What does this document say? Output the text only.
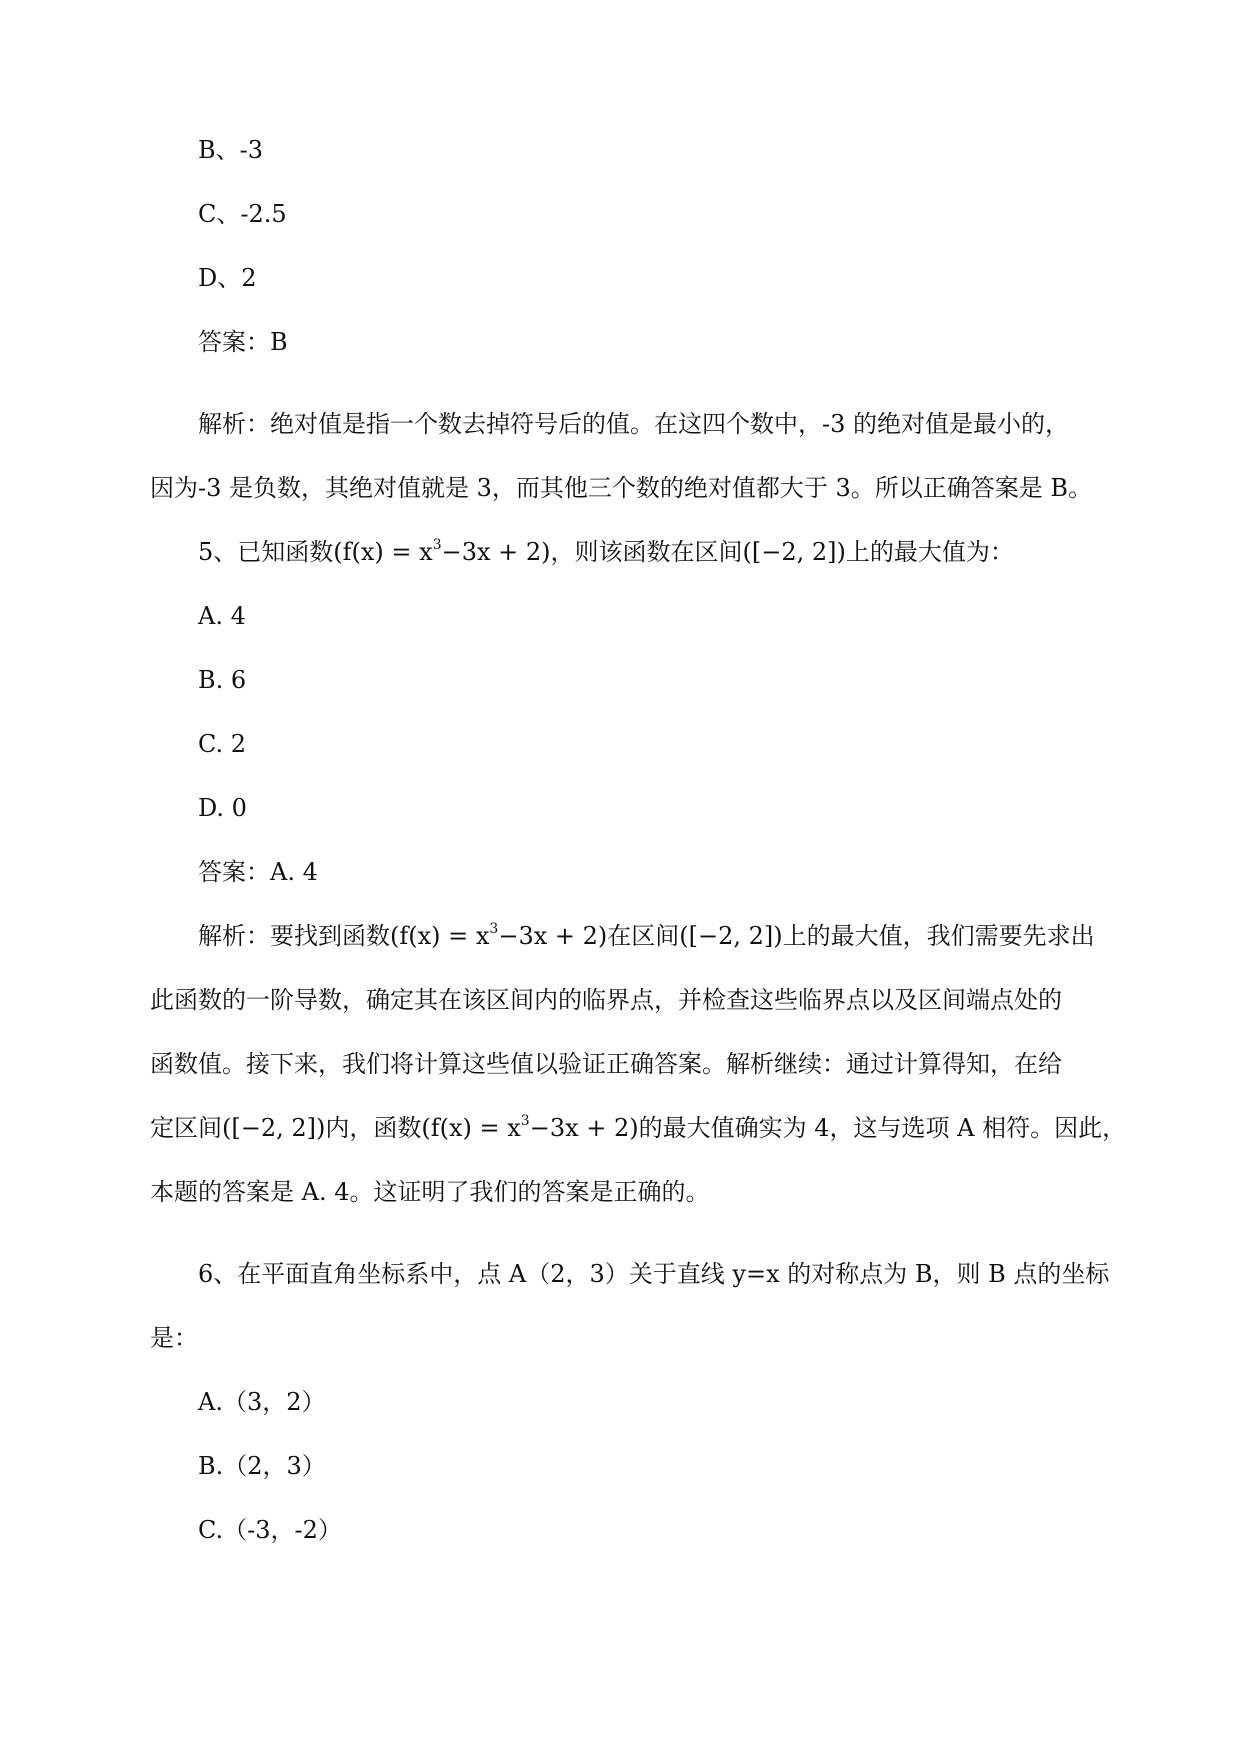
B、-3
C、-2.5
D、2
答案：B
解析：绝对值是指一个数去掉符号后的值。在这四个数中，-3 的绝对值是最小的，
因为-3 是负数，其绝对值就是 3，而其他三个数的绝对值都大于 3。所以正确答案是 B。
5、已知函数$(f(x) = x^3-3x + 2)$，则该函数在区间([−2, 2])上的最大值为：
A. 4
B. 6
C. 2
D. 0
答案：A. 4
解析：要找到函数$(f(x) = x^3-3x + 2)$在区间([−2, 2])上的最大值，我们需要先求出
此函数的一阶导数，确定其在该区间内的临界点，并检查这些临界点以及区间端点处的
函数值。接下来，我们将计算这些值以验证正确答案。解析继续：通过计算得知，在给
定区间([−2, 2])内，函数$(f(x) = x^3-3x + 2)$的最大值确实为 4，这与选项 A 相符。因此，
本题的答案是 A. 4。这证明了我们的答案是正确的。
6、在平面直角坐标系中，点 A（2，3）关于直线 y=x 的对称点为 B，则 B 点的坐标
是：
A.（3，2）
B.（2，3）
C.（-3，-2）
